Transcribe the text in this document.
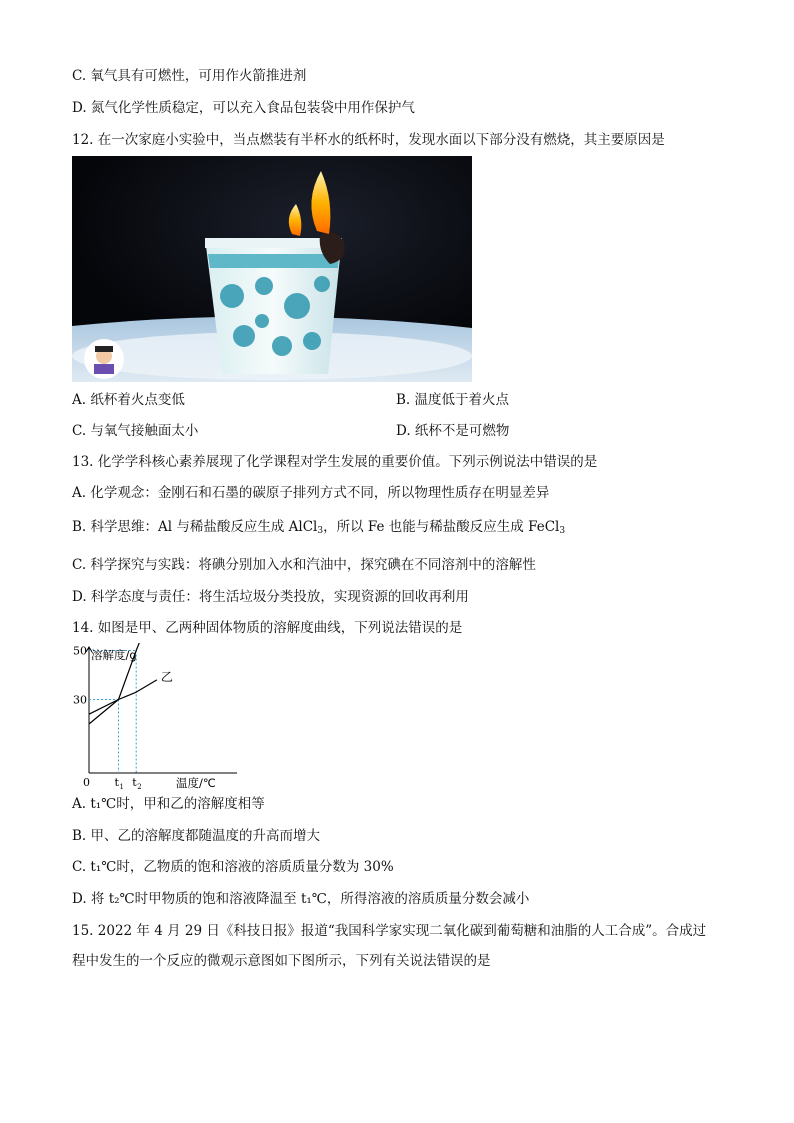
C. 氧气具有可燃性，可用作火箭推进剂
D. 氮气化学性质稳定，可以充入食品包装袋中用作保护气
12. 在一次家庭小实验中，当点燃装有半杯水的纸杯时，发现水面以下部分没有燃烧，其主要原因是
A. 纸杯着火点变低	B. 温度低于着火点
C. 与氧气接触面太小	D. 纸杯不是可燃物
13. 化学学科核心素养展现了化学课程对学生发展的重要价值。下列示例说法中错误的是
A. 化学观念：金刚石和石墨的碳原子排列方式不同，所以物理性质存在明显差异
B. 科学思维：Al 与稀盐酸反应生成 AlCl$_3$，所以 Fe 也能与稀盐酸反应生成 FeCl$_3$
C. 科学探究与实践：将碘分别加入水和汽油中，探究碘在不同溶剂中的溶解性
D. 科学态度与责任：将生活垃圾分类投放，实现资源的回收再利用
14. 如图是甲、乙两种固体物质的溶解度曲线，下列说法错误的是
乙
30
50
0 t 1 t 2
溶解度/g
温度/℃
A. t₁℃时，甲和乙的溶解度相等
B. 甲、乙的溶解度都随温度的升高而增大
C. t₁℃时，乙物质的饱和溶液的溶质质量分数为 30%
D. 将 t₂℃时甲物质的饱和溶液降温至 t₁℃，所得溶液的溶质质量分数会减小
15. 2022 年 4 月 29 日《科技日报》报道“我国科学家实现二氧化碳到葡萄糖和油脂的人工合成”。合成过
程中发生的一个反应的微观示意图如下图所示，下列有关说法错误的是
